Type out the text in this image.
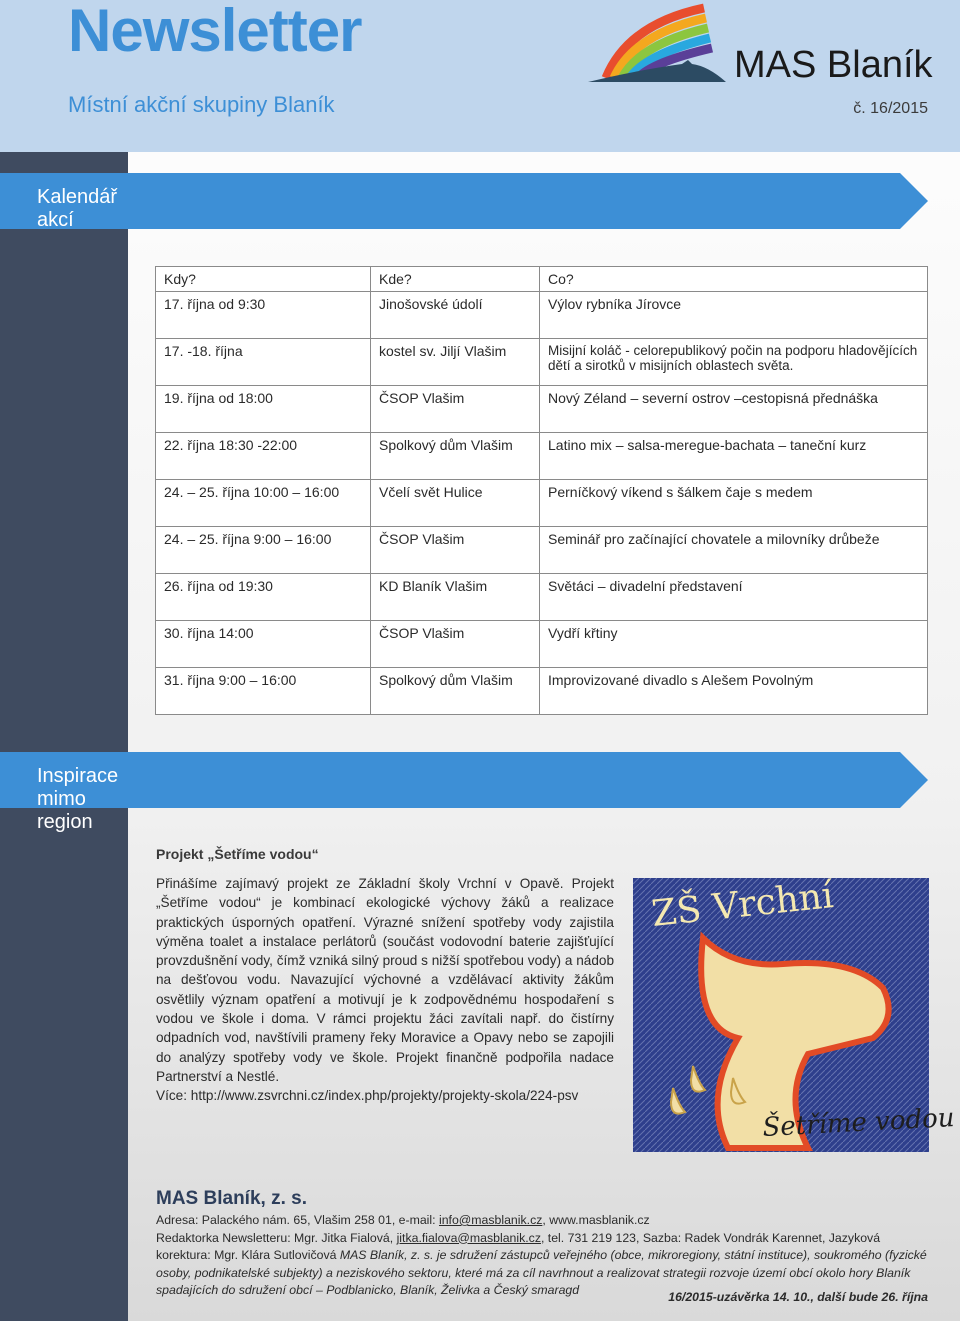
Newsletter
Místní akční skupiny Blaník
MAS Blaník
č. 16/2015
Kalendář akcí
Kdy?	Kde?	Co?
17. října od 9:30	Jinošovské údolí	Výlov rybníka Jírovce
17. -18. října	kostel sv. Jiljí Vlašim	Misijní koláč - celorepublikový počin na podporu hladovějících dětí a sirotků v misijních oblastech světa.
19. října od 18:00	ČSOP Vlašim	Nový Zéland – severní ostrov –cestopisná přednáška
22. října 18:30 -22:00	Spolkový dům Vlašim	Latino mix – salsa-meregue-bachata – taneční kurz
24. – 25. října 10:00 – 16:00	Včelí svět Hulice	Perníčkový víkend s šálkem čaje s medem
24. – 25. října 9:00 – 16:00	ČSOP Vlašim	Seminář pro začínající chovatele a milovníky drůbeže
26. října od 19:30	KD Blaník Vlašim	Světáci – divadelní představení
30. října 14:00	ČSOP Vlašim	Vydří křtiny
31. října 9:00 – 16:00	Spolkový dům Vlašim	Improvizované divadlo s Alešem Povolným
Inspirace mimo region
Projekt „Šetříme vodou“
Přinášíme zajímavý projekt ze Základní školy Vrchní v Opavě. Projekt „Šetříme vodou“ je kombinací ekologické výchovy žáků a realizace praktických úsporných opatření. Výrazné snížení spotřeby vody zajistila výměna toalet a instalace perlátorů (součást vodovodní baterie zajišťující provzdušnění vody, čímž vzniká silný proud s nižší spotřebou vody) a nádob na dešťovou vodu. Navazující výchovné a vzdělávací aktivity žákům osvětlily význam opatření a motivují je k zodpovědnému hospodaření s vodou ve škole i doma. V rámci projektu žáci zavítali např. do čistírny odpadních vod, navštívili prameny řeky Moravice a Opavy nebo se zapojili do analýzy spotřeby vody ve škole. Projekt finančně podpořila nadace Partnerství a Nestlé.
Více: http://www.zsvrchni.cz/index.php/projekty/projekty-skola/224-psv
ZŠ Vrchní
Šetříme vodou
MAS Blaník, z. s.
Adresa: Palackého nám. 65, Vlašim 258 01, e-mail: info@masblanik.cz, www.masblanik.cz
Redaktorka Newsletteru: Mgr. Jitka Fialová, jitka.fialova@masblanik.cz, tel. 731 219 123, Sazba: Radek Vondrák Karennet, Jazyková
korektura: Mgr. Klára Sutlovičová MAS Blaník, z. s. je sdružení zástupců veřejného (obce, mikroregiony, státní instituce), soukromého (fyzické osoby, podnikatelské subjekty) a neziskového sektoru, které má za cíl navrhnout a realizovat strategii rozvoje území obcí okolo hory Blaník spadajících do sdružení obcí – Podblanicko, Blaník, Želivka a Český smaragd	16/2015-uzávěrka 14. 10., další bude 26. října
